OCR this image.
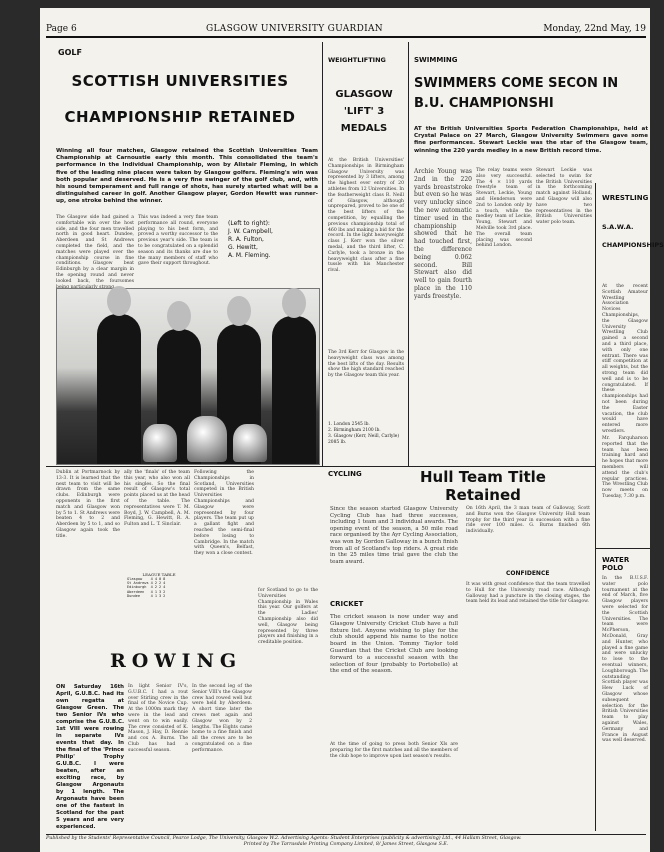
Page 6	GLASGOW UNIVERSITY GUARDIAN	Monday, 22nd May, 19
GOLF
SCOTTISH UNIVERSITIES
CHAMPIONSHIP RETAINED
Winning all four matches, Glasgow retained the Scottish Universities Team Championship at Carnoustie early this month. This consolidated the team's performance in the Individual Championship, won by Alistair Fleming, in which five of the leading nine places were taken by Glasgow golfers. Fleming's win was both popular and deserved. He is a very fine swinger of the golf club, and, with his sound temperament and full range of shots, has surely started what will be a distinguished career in golf. Another Glasgow player, Gordon Hewitt was runner-up, one stroke behind the winner.
The Glasgow side had gained a comfortable win over the host side, and the four men travelled north in good heart. Dundee, Aberdeen and St Andrews completed the field, and the matches were played over the championship course in fine conditions. Glasgow beat Edinburgh by a clear margin in the opening round and never looked back, the foursomes
This was indeed a very fine team performance all round, everyone playing to his best form, and proved a worthy successor to the previous year's side. The team is to be congratulated on a splendid season and its thanks are due to the many members of staff who gave their support throughout.
(Left to right):
J. W. Campbell,
R. A. Fulton,
G. Hewitt,
A. M. Fleming.
Dublin at Portmarnock by 13-3. It is learned that the next team to visit will be drawn from the same clubs. Edinburgh were opponents in the first match and Glasgow won by 5 to 1. St Andrews were beaten 4 to 2 and Aberdeen by 5 to 1, and so Glasgow again took the title.
ally the 'finals' of the team this year, who also won all his singles. So the final result of Glasgow's total points placed us at the head of the table. The representatives were T. M. Boyd, J. W. Campbell, A. M. Fleming, G. Hewitt, R. A. Fulton and L. T. Sinclair.
LEAGUE TABLE
Glasgow	4	4	0	8
St Andrews	4	2	2	4
Edinburgh	4	2	2	4
Aberdeen	4	1	3	2
Dundee	4	1	3	2
Following the Championships in Scotland, Universities competed in the British Universities Championships and Glasgow were represented by four players. The team put up a gallant fight and reached the semi-final before losing to Cambridge. In the match with Queen's, Belfast, they won a close contest.
for Scotland to go to the Universities Championship in Wales this year. Our golfers at the Ladies' Championship also did well, Glasgow being represented by three players and finishing in a creditable position.
ROWING
ON Saturday 16th April, G.U.B.C. had its own regatta at Glasgow Green. The two Senior IVs who comprise the G.U.B.C. 1st VIII were rowing in separate IVs events that day. In the final of the 'Prince Philip' Trophy G.U.B.C. I were beaten, after an exciting race, by Glasgow Argonauts by 1 length. The Argonauts have been one of the fastest in Scotland for the past 5 years and are very experienced.
In light Senior IV's, G.U.B.C. I had a rout over Stirling crew in the final of the Novice Cup. At the 1000m mark they were in the lead and went on to win easily. The crew consisted of K. Mason, J. Hay, D. Rennie and cox A. Burns. The Club has had a successful season.
In the second leg of the Senior VIII's the Glasgow crew had rowed well but were held by Aberdeen. A short time later the crews met again and Glasgow won by 2 lengths. The Eights came home to a fine finish and all the crews are to be congratulated on a fine performance.
WEIGHTLIFTING
GLASGOW 'LIFT' 3 MEDALS
At the British Universities' Championships in Birmingham Glasgow University was represented by 3 lifters, among the highest ever entry of 20 athletes from 12 Universities. In the featherweight class R. Neill of Glasgow, although unprepared, proved to be one of the best lifters of the competition, by equalling the previous championship total of 460 lbs and making a bid for the record. In the light heavyweight class J. Kerr won the silver medal, and the third lifter, C. Carlyle, took a bronze in the heavyweight class after a fine tussle with his Manchester rival.
The 3rd Kerr for Glasgow in the heavyweight class was among the best lifts of the day. Results show the high standard reached by the Glasgow team this year.
1. London 2545 lb.
2. Birmingham 2100 lb.
3. Glasgow (Kerr, Neill, Carlyle) 2085 lb.
SWIMMING
SWIMMERS COME SECON IN B.U. CHAMPIONSHI
AT the British Universities Sports Federation Championships, held at Crystal Palace on 27 March, Glasgow University Swimmers gave some fine performances. Stewart Leckie was the star of the Glasgow team, winning the 220 yards medley in a new British record time.
Archie Young was 2nd in the 220 yards breaststroke but even so he was very unlucky since the new automatic timer used in the championship showed that he had touched first, the difference being 0.062 second. Bill Stewart also did well to gain fourth place in the 110 yards freestyle.
The relay teams were also very successful. The 4 × 110 yards freestyle team of Stewart, Leckie, Young and Henderson were 2nd to London only by a touch, while the medley team of Leckie, Young, Stewart and Melville took 3rd place. The overall team placing was second behind London.
Stewart Leckie was selected to swim for the British Universities in the forthcoming match against Holland, and Glasgow will also have two representatives in the British Universities water polo team.
WRESTLING
S.A.W.A. CHAMPIONSHIPS
At the recent Scottish Amateur Wrestling Association Novices Championships, the Glasgow University Wrestling Club gained a second and a third place, with only one entrant. There was stiff competition at all weights, but the strong team did well and is to be congratulated. If these championships had not been during the Easter vacation, the club would have entered more wrestlers.
Mr. Farquharson reported that the team has been training hard and he hopes that more members will attend the club's regular practices. The Wrestling Club now meets on Tuesday, 7.30 p.m.
WATER POLO
In the B.U.S.F. water polo tournament at the end of March, five Glasgow players were selected for the Scottish Universities. The team were McPherson, McDonald, Gray and Hunter, who played a fine game and were unlucky to lose to the eventual winners, Loughborough. The outstanding Scottish player was Hew Luck of Glasgow whose subsequent selection for the British Universities team to play against Wales, Germany and France in August was well deserved.
CYCLING	Hull Team Title Retained
Since the season started Glasgow University Cycling Club has had three successes, including 1 team and 3 individual awards. The opening event of the season, a 50 mile road race organised by the Ayr Cycling Association, was won by Gordon Galloway in a bunch finish from all of Scotland's top riders. A great ride in the 25 miles time trial gave the club the team award.
On 16th April, the 3 man team of Galloway, Scott and Burns won the Glasgow University Hull team trophy for the third year in succession with a fine ride over 100 miles. G. Burns finished 6th individually.
CONFIDENCE
It was with great confidence that the team travelled to Hull for the University road race. Although Galloway had a puncture in the closing stages, the team held its lead and retained the title for Glasgow.
CRICKET
The cricket season is now under way and Glasgow University Cricket Club have a full fixture list. Anyone wishing to play for the club should append his name to the notice board in the Union. Tommy Taylor told Guardian that the Cricket Club are looking forward to a successful season with the selection of four (probably to Portobello) at the end of the season.
At the time of going to press both Senior XIs are preparing for the first matches and all the members of the club hope to improve upon last season's results.
Published by the Students' Representative Council, Pearce Lodge, The University, Glasgow W.2. Advertising Agents: Student Enterprises (publicity & advertising) Ltd., 44 Hallam Street, Glasgow.
Printed by The Tarrasdale Printing Company Limited, 8/ James Street, Glasgow S.E.
